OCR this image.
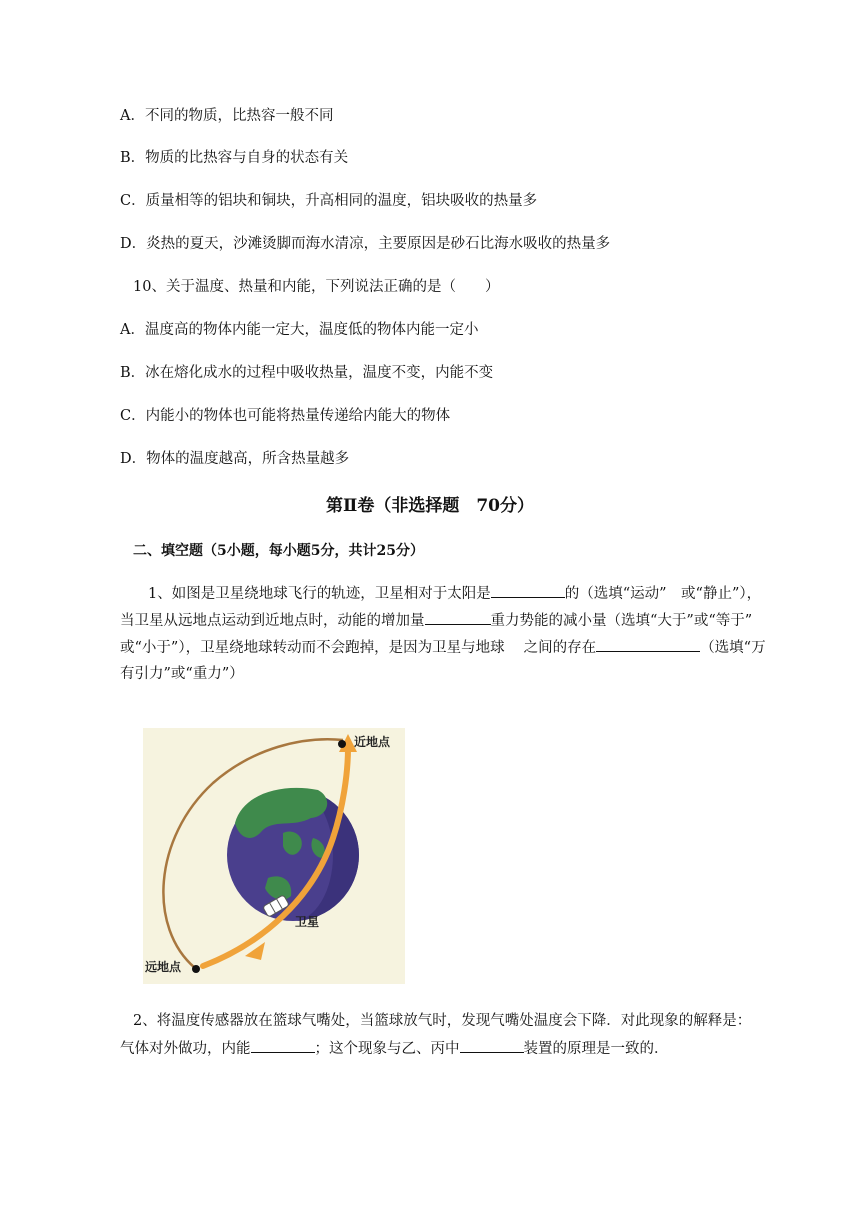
A．不同的物质，比热容一般不同
B．物质的比热容与自身的状态有关
C．质量相等的铝块和铜块，升高相同的温度，铝块吸收的热量多
D．炎热的夏天，沙滩烫脚而海水清凉，主要原因是砂石比海水吸收的热量多
10、关于温度、热量和内能，下列说法正确的是（　　）
A．温度高的物体内能一定大，温度低的物体内能一定小
B．冰在熔化成水的过程中吸收热量，温度不变，内能不变
C．内能小的物体也可能将热量传递给内能大的物体
D．物体的温度越高，所含热量越多
第Ⅱ卷（非选择题　70分）
二、填空题（5小题，每小题5分，共计25分）
1、如图是卫星绕地球飞行的轨迹，卫星相对于太阳是	的（选填“运动”　或“静止”），
当卫星从远地点运动到近地点时，动能的增加量	重力势能的减小量（选填“大于”或“等于”
或“小于”），卫星绕地球转动而不会跑掉，是因为卫星与地球　 之间的存在	（选填“万
有引力”或“重力”）
近地点
远地点
卫星
2、将温度传感器放在篮球气嘴处，当篮球放气时，发现气嘴处温度会下降．对此现象的解释是：
气体对外做功，内能	；这个现象与乙、丙中	装置的原理是一致的．
